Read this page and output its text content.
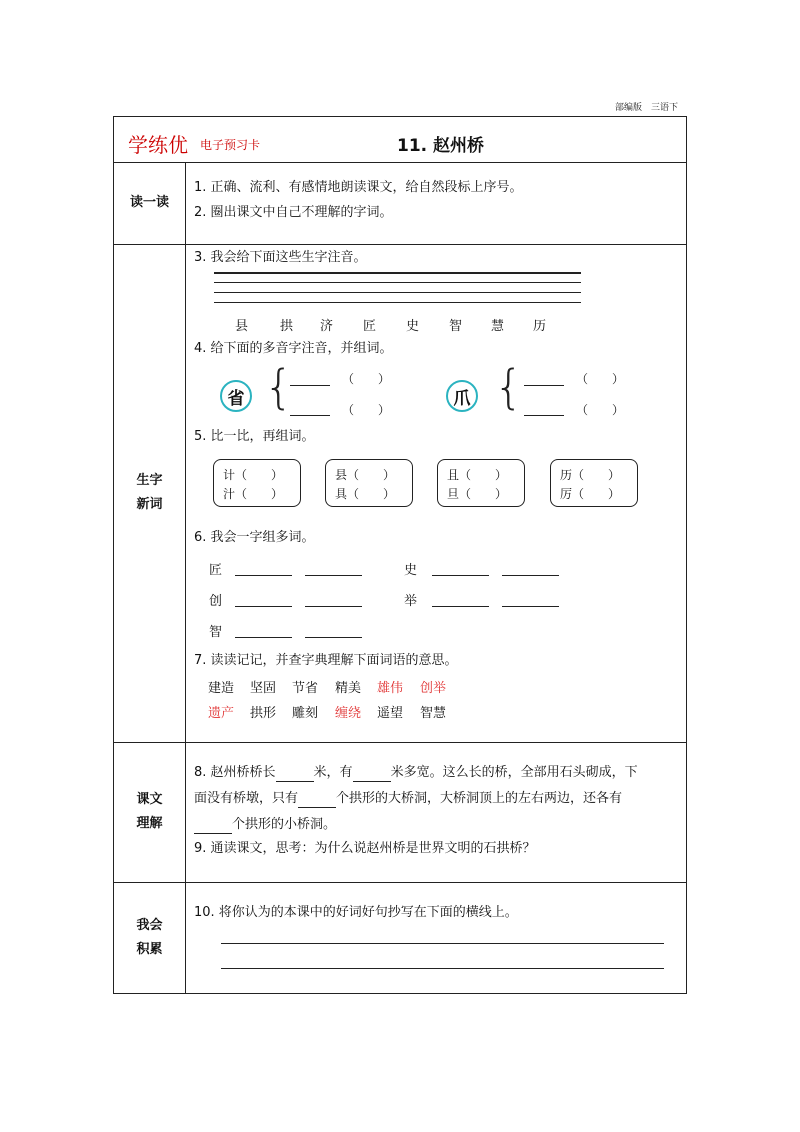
部编版　三语下
学练优 电子预习卡	11. 赵州桥
读一读
1. 正确、流利、有感情地朗读课文，给自然段标上序号。
2. 圈出课文中自己不理解的字词。
生字
新词
3. 我会给下面这些生字注音。
县 拱 济 匠 史 智 慧 历
4. 给下面的多音字注音，并组词。
省 {	（　　）
（　　）
爪 {	（　　）
（　　）
5. 比一比，再组词。
计（　　）
汁（　　）
县（　　）
具（　　）
且（　　）
旦（　　）
历（　　）
厉（　　）
6. 我会一字组多词。
匠	史
创	举
智
7. 读读记记，并查字典理解下面词语的意思。
建造 坚固 节省 精美 雄伟 创举
遗产 拱形 雕刻 缠绕 遥望 智慧
课文
理解
8. 赵州桥桥长	米，有	米多宽。这么长的桥，全部用石头砌成，下
面没有桥墩，只有	个拱形的大桥洞，大桥洞顶上的左右两边，还各有
个拱形的小桥洞。
9. 通读课文，思考：为什么说赵州桥是世界文明的石拱桥？
我会
积累
10. 将你认为的本课中的好词好句抄写在下面的横线上。
